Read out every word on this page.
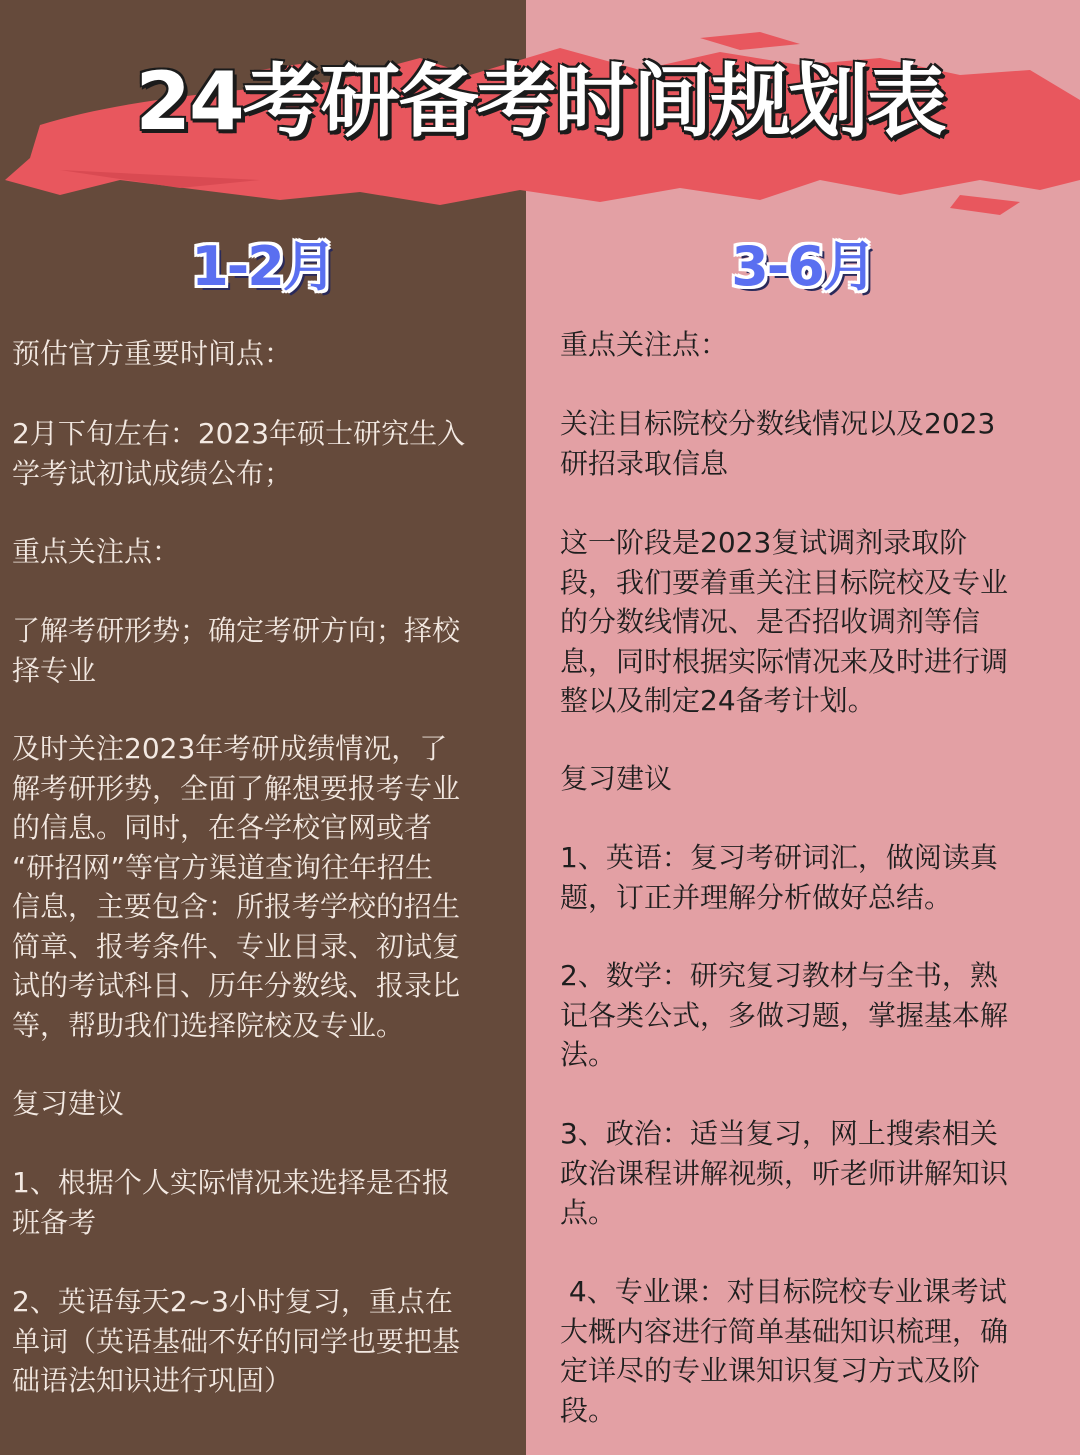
24考研备考时间规划表
1-2月	3-6月

预估官方重要时间点：

2月下旬左右：2023年硕士研究生入
学考试初试成绩公布；

重点关注点：

了解考研形势；确定考研方向；择校
择专业

及时关注2023年考研成绩情况，了
解考研形势，全面了解想要报考专业
的信息。同时，在各学校官网或者
“研招网”等官方渠道查询往年招生
信息，主要包含：所报考学校的招生
简章、报考条件、专业目录、初试复
试的考试科目、历年分数线、报录比
等，帮助我们选择院校及专业。

复习建议

1、根据个人实际情况来选择是否报
班备考

2、英语每天2~3小时复习，重点在
单词（英语基础不好的同学也要把基
础语法知识进行巩固）

重点关注点：

关注目标院校分数线情况以及2023
研招录取信息

这一阶段是2023复试调剂录取阶
段，我们要着重关注目标院校及专业
的分数线情况、是否招收调剂等信
息，同时根据实际情况来及时进行调
整以及制定24备考计划。

复习建议

1、英语：复习考研词汇，做阅读真
题，订正并理解分析做好总结。

2、数学：研究复习教材与全书，熟
记各类公式，多做习题，掌握基本解
法。

3、政治：适当复习，网上搜索相关
政治课程讲解视频，听老师讲解知识
点。

4、专业课：对目标院校专业课考试
大概内容进行简单基础知识梳理，确
定详尽的专业课知识复习方式及阶
段。
